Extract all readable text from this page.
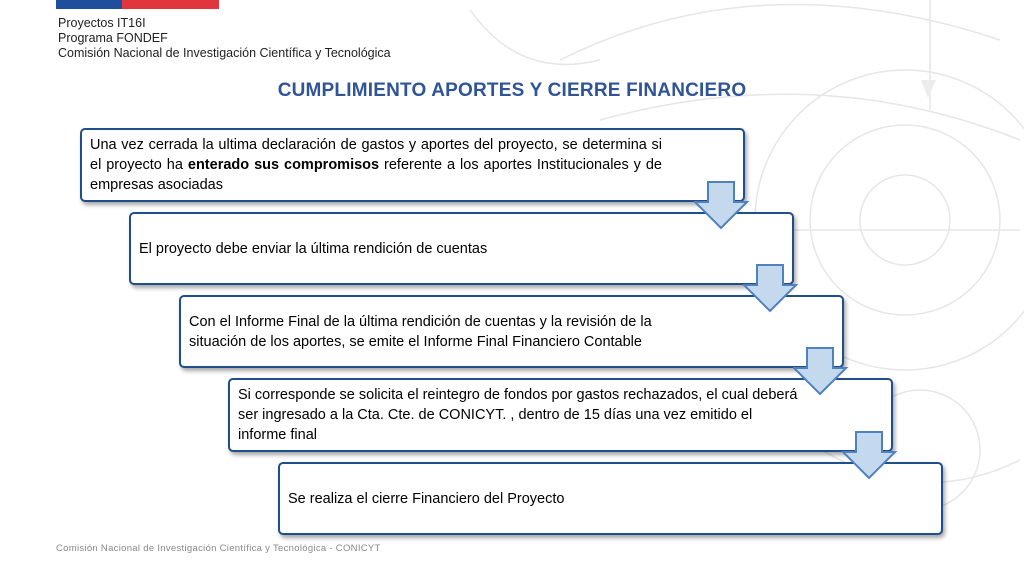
Proyectos IT16I
Programa FONDEF
Comisión Nacional de Investigación Científica y Tecnológica
CUMPLIMIENTO APORTES Y CIERRE FINANCIERO

Una vez cerrada la ultima declaración de gastos y aportes del proyecto, se determina si el proyecto ha enterado sus compromisos referente a los aportes Institucionales y de empresas asociadas

El proyecto debe enviar la última rendición de cuentas

Con el Informe Final de la última rendición de cuentas y la revisión de la situación de los aportes, se emite el Informe Final Financiero Contable

Si corresponde se solicita el reintegro de fondos por gastos rechazados, el cual deberá ser ingresado a la Cta. Cte. de CONICYT. , dentro de 15 días una vez emitido el informe final

Se realiza el cierre Financiero del Proyecto

Comisión Nacional de Investigación Científica y Tecnológica - CONICYT
